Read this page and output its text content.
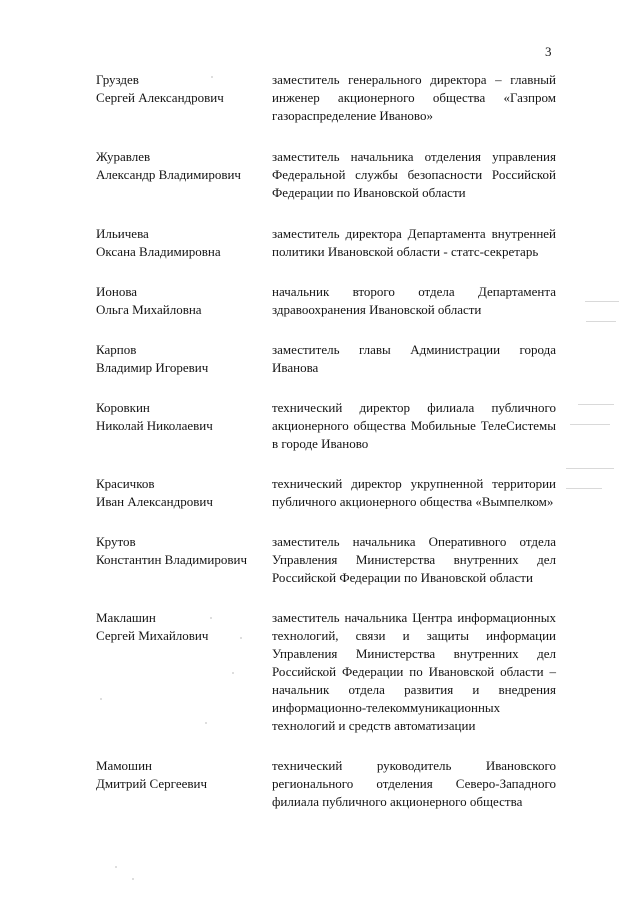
3
Груздев
Сергей Александрович
заместитель генерального директора – главный инженер акционерного общества «Газпром газораспределение Иваново»
Журавлев
Александр Владимирович
заместитель начальника отделения управления Федеральной службы безопасности Российской Федерации по Ивановской области
Ильичева
Оксана Владимировна
заместитель директора Департамента внутренней политики Ивановской области - статс-секретарь
Ионова
Ольга Михайловна
начальник второго отдела Департамента здравоохранения Ивановской области
Карпов
Владимир Игоревич
заместитель главы Администрации города Иванова
Коровкин
Николай Николаевич
технический директор филиала публичного акционерного общества Мобильные ТелеСистемы в городе Иваново
Красичков
Иван Александрович
технический директор укрупненной территории публичного акционерного общества «Вымпелком»
Крутов
Константин Владимирович
заместитель начальника Оперативного отдела Управления Министерства внутренних дел Российской Федерации по Ивановской области
Маклашин
Сергей Михайлович
заместитель начальника Центра информационных технологий, связи и защиты информации Управления Министерства внутренних дел Российской Федерации по Ивановской области – начальник отдела развития и внедрения информационно-телекоммуникационных технологий и средств автоматизации
Мамошин
Дмитрий Сергеевич
технический руководитель Ивановского регионального отделения Северо-Западного филиала публичного акционерного общества
